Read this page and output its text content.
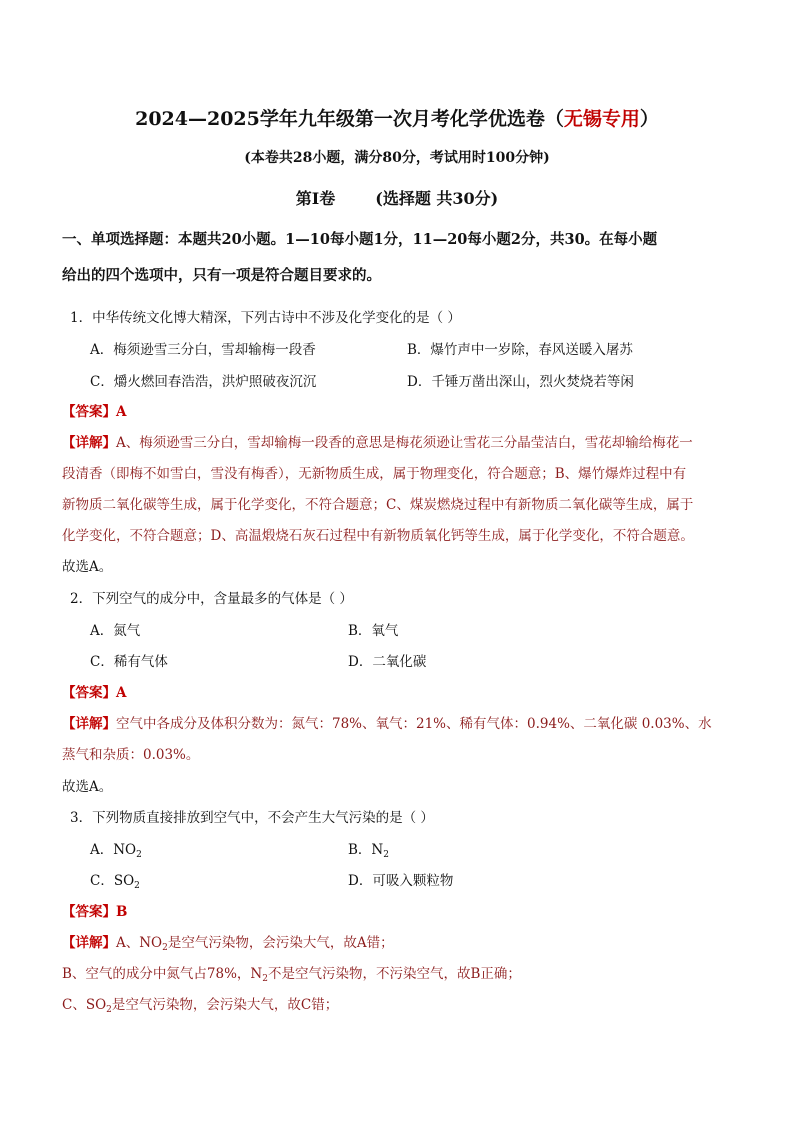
2024—2025学年九年级第一次月考化学优选卷（无锡专用）
(本卷共28小题，满分80分，考试用时100分钟)
第I卷	(选择题 共30分)
一、单项选择题：本题共20小题。1—10每小题1分，11—20每小题2分，共30。在每小题
给出的四个选项中，只有一项是符合题目要求的。
1．中华传统文化博大精深，下列古诗中不涉及化学变化的是（ ）
A．梅须逊雪三分白，雪却输梅一段香	B．爆竹声中一岁除，春风送暖入屠苏
C．爝火燃回春浩浩，洪炉照破夜沉沉	D．千锤万凿出深山，烈火焚烧若等闲
【答案】A
【详解】A、梅须逊雪三分白，雪却输梅一段香的意思是梅花须逊让雪花三分晶莹洁白，雪花却输给梅花一
段清香（即梅不如雪白，雪没有梅香），无新物质生成，属于物理变化，符合题意；B、爆竹爆炸过程中有
新物质二氧化碳等生成，属于化学变化，不符合题意；C、煤炭燃烧过程中有新物质二氧化碳等生成，属于
化学变化，不符合题意；D、高温煅烧石灰石过程中有新物质氧化钙等生成，属于化学变化，不符合题意。
故选A。
2．下列空气的成分中，含量最多的气体是（ ）
A．氮气	B．氧气
C．稀有气体	D．二氧化碳
【答案】A
【详解】空气中各成分及体积分数为：氮气：78%、氧气：21%、稀有气体：0.94%、二氧化碳 0.03%、水
蒸气和杂质：0.03%。
故选A。
3．下列物质直接排放到空气中，不会产生大气污染的是（ ）
A．$NO_2$	B．$N_2$
C．$SO_2$	D．可吸入颗粒物
【答案】B
【详解】A、$NO_2$是空气污染物，会污染大气，故A错；
B、空气的成分中氮气占78%，$N_2$不是空气污染物，不污染空气，故B正确；
C、$SO_2$是空气污染物，会污染大气，故C错；
